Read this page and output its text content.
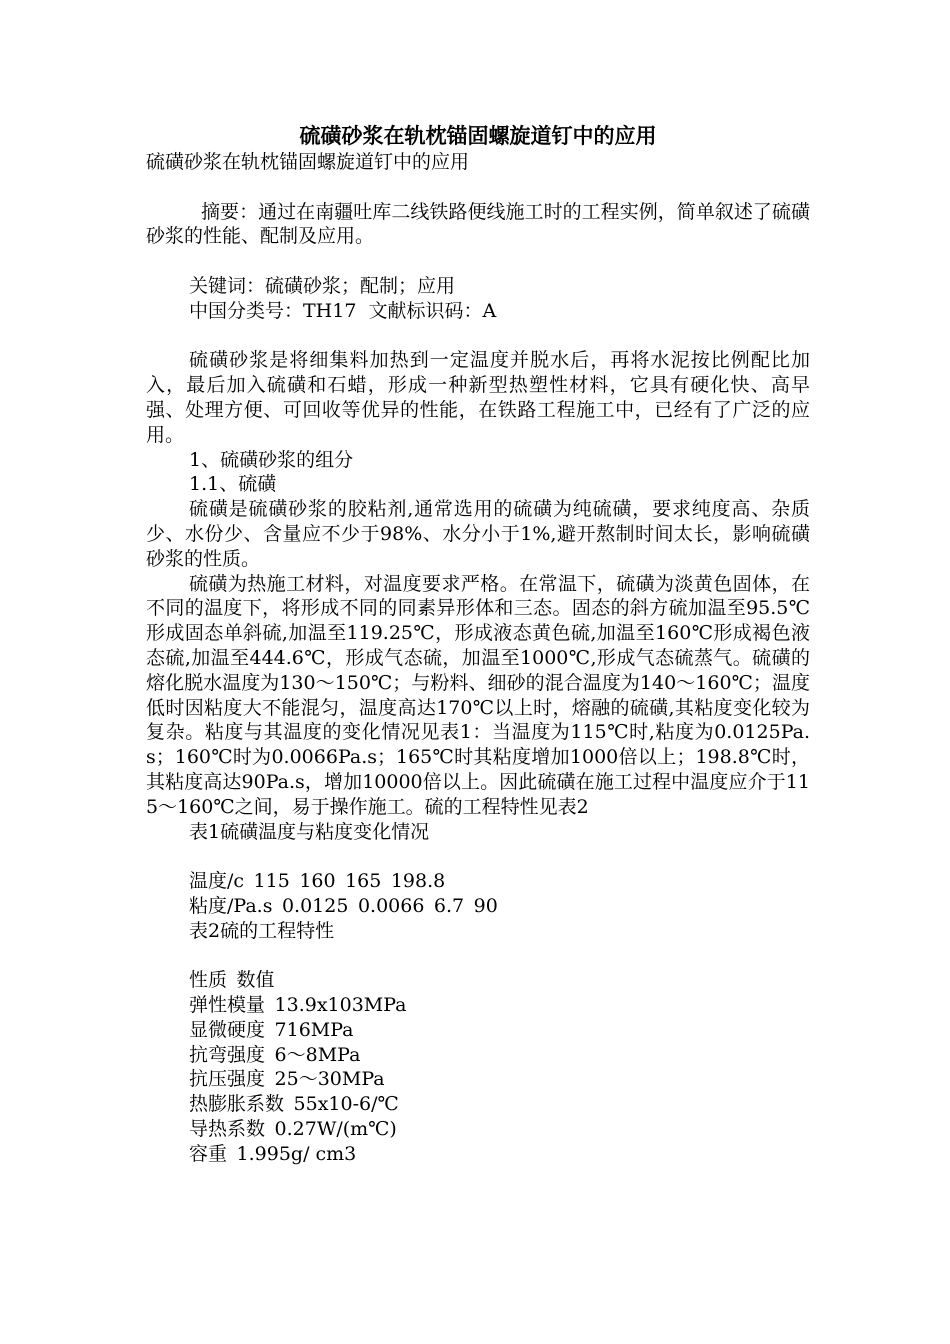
硫磺砂浆在轨枕锚固螺旋道钉中的应用
硫磺砂浆在轨枕锚固螺旋道钉中的应用

摘要：通过在南疆吐库二线铁路便线施工时的工程实例，简单叙述了硫磺砂浆的性能、配制及应用。

关键词：硫磺砂浆；配制；应用
中国分类号：TH17  文献标识码：A

硫磺砂浆是将细集料加热到一定温度并脱水后，再将水泥按比例配比加入，最后加入硫磺和石蜡，形成一种新型热塑性材料，它具有硬化快、高早强、处理方便、可回收等优异的性能，在铁路工程施工中，已经有了广泛的应用。

1、硫磺砂浆的组分
1.1、硫磺

硫磺是硫磺砂浆的胶粘剂,通常选用的硫磺为纯硫磺，要求纯度高、杂质少、水份少、含量应不少于98%、水分小于1%,避开熬制时间太长，影响硫磺砂浆的性质。

硫磺为热施工材料，对温度要求严格。在常温下，硫磺为淡黄色固体，在不同的温度下，将形成不同的同素异形体和三态。固态的斜方硫加温至95.5℃形成固态单斜硫,加温至119.25℃，形成液态黄色硫,加温至160℃形成褐色液态硫,加温至444.6℃，形成气态硫，加温至1000℃,形成气态硫蒸气。硫磺的熔化脱水温度为130～150℃；与粉料、细砂的混合温度为140～160℃；温度低时因粘度大不能混匀，温度高达170℃以上时，熔融的硫磺,其粘度变化较为复杂。粘度与其温度的变化情况见表1：当温度为115℃时,粘度为0.0125Pa.s；160℃时为0.0066Pa.s；165℃时其粘度增加1000倍以上；198.8℃时，其粘度高达90Pa.s，增加10000倍以上。因此硫磺在施工过程中温度应介于115～160℃之间，易于操作施工。硫的工程特性见表2

表1硫磺温度与粘度变化情况
温度/c 115 160 165 198.8
粘度/Pa.s 0.0125 0.0066 6.7 90
表2硫的工程特性
性质 数值
弹性模量 13.9x103MPa
显微硬度 716MPa
抗弯强度 6～8MPa
抗压强度 25～30MPa
热膨胀系数 55x10-6/℃
导热系数 0.27W/(m℃)
容重 1.995g/ cm3
